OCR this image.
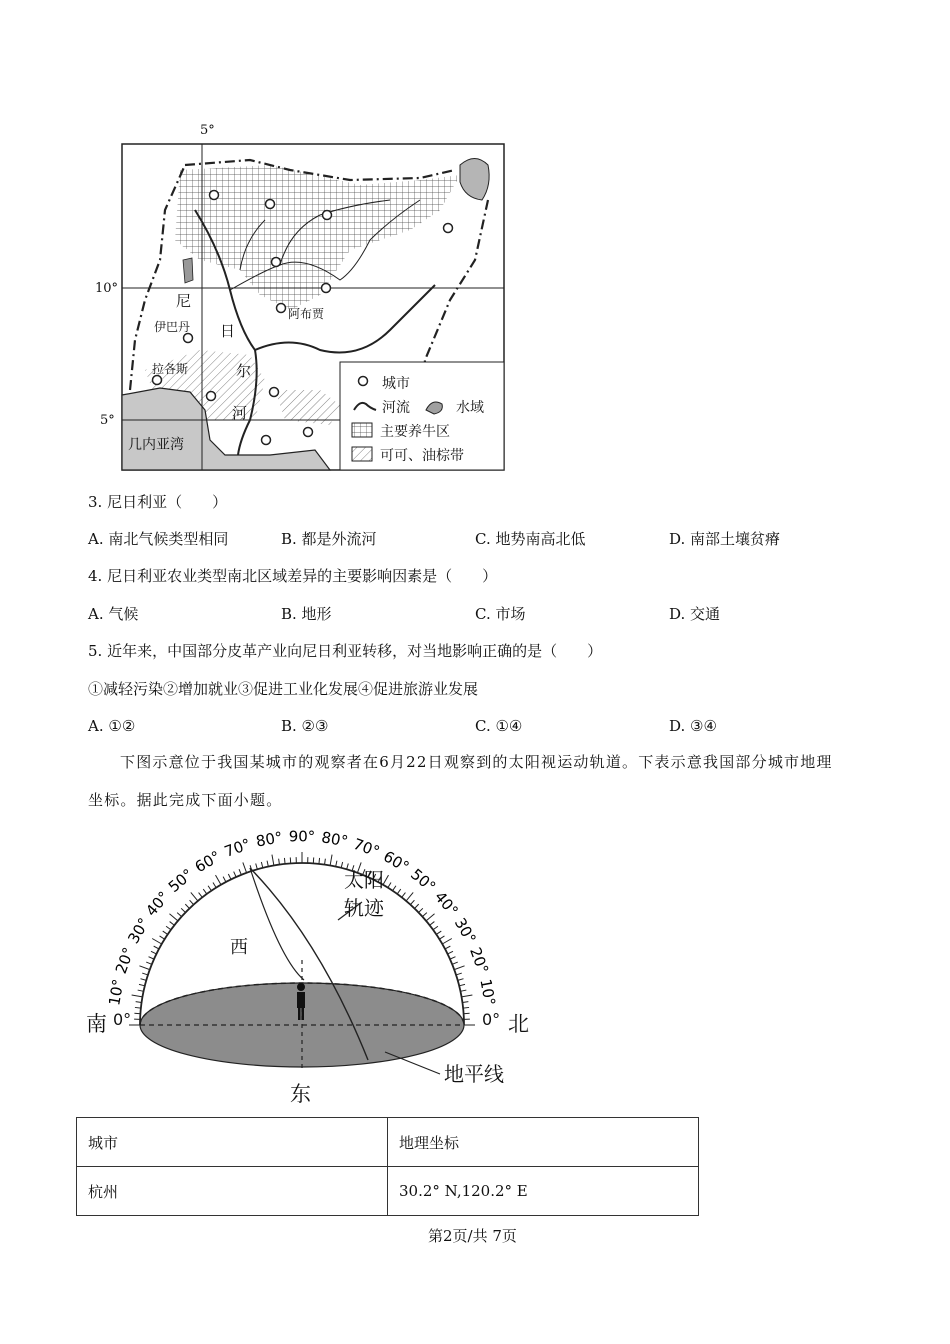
5°
10°
5°
几内亚湾
伊巴丹
拉各斯
阿布贾
尼
日
尔
河
城市
河流	水域
主要养牛区
可可、油棕带
3. 尼日利亚（　　）
A. 南北气候类型相同	B. 都是外流河	C. 地势南高北低	D. 南部土壤贫瘠
4. 尼日利亚农业类型南北区域差异的主要影响因素是（　　）
A. 气候	B. 地形	C. 市场	D. 交通
5. 近年来，中国部分皮革产业向尼日利亚转移，对当地影响正确的是（　　）
①减轻污染②增加就业③促进工业化发展④促进旅游业发展
A. ①②	B. ②③	C. ①④	D. ③④
下图示意位于我国某城市的观察者在6月22日观察到的太阳视运动轨道。下表示意我国部分城市地理
坐标。据此完成下面小题。
10°
20°
30°
40°
50°
60°
70° 80° 90° 80° 70°
60°
50°
40°
30°
20°
10°
南 0°	0° 北
东
西
太阳
轨迹
地平线
城市	地理坐标
杭州	30.2° N,120.2° E
第2页/共 7页
